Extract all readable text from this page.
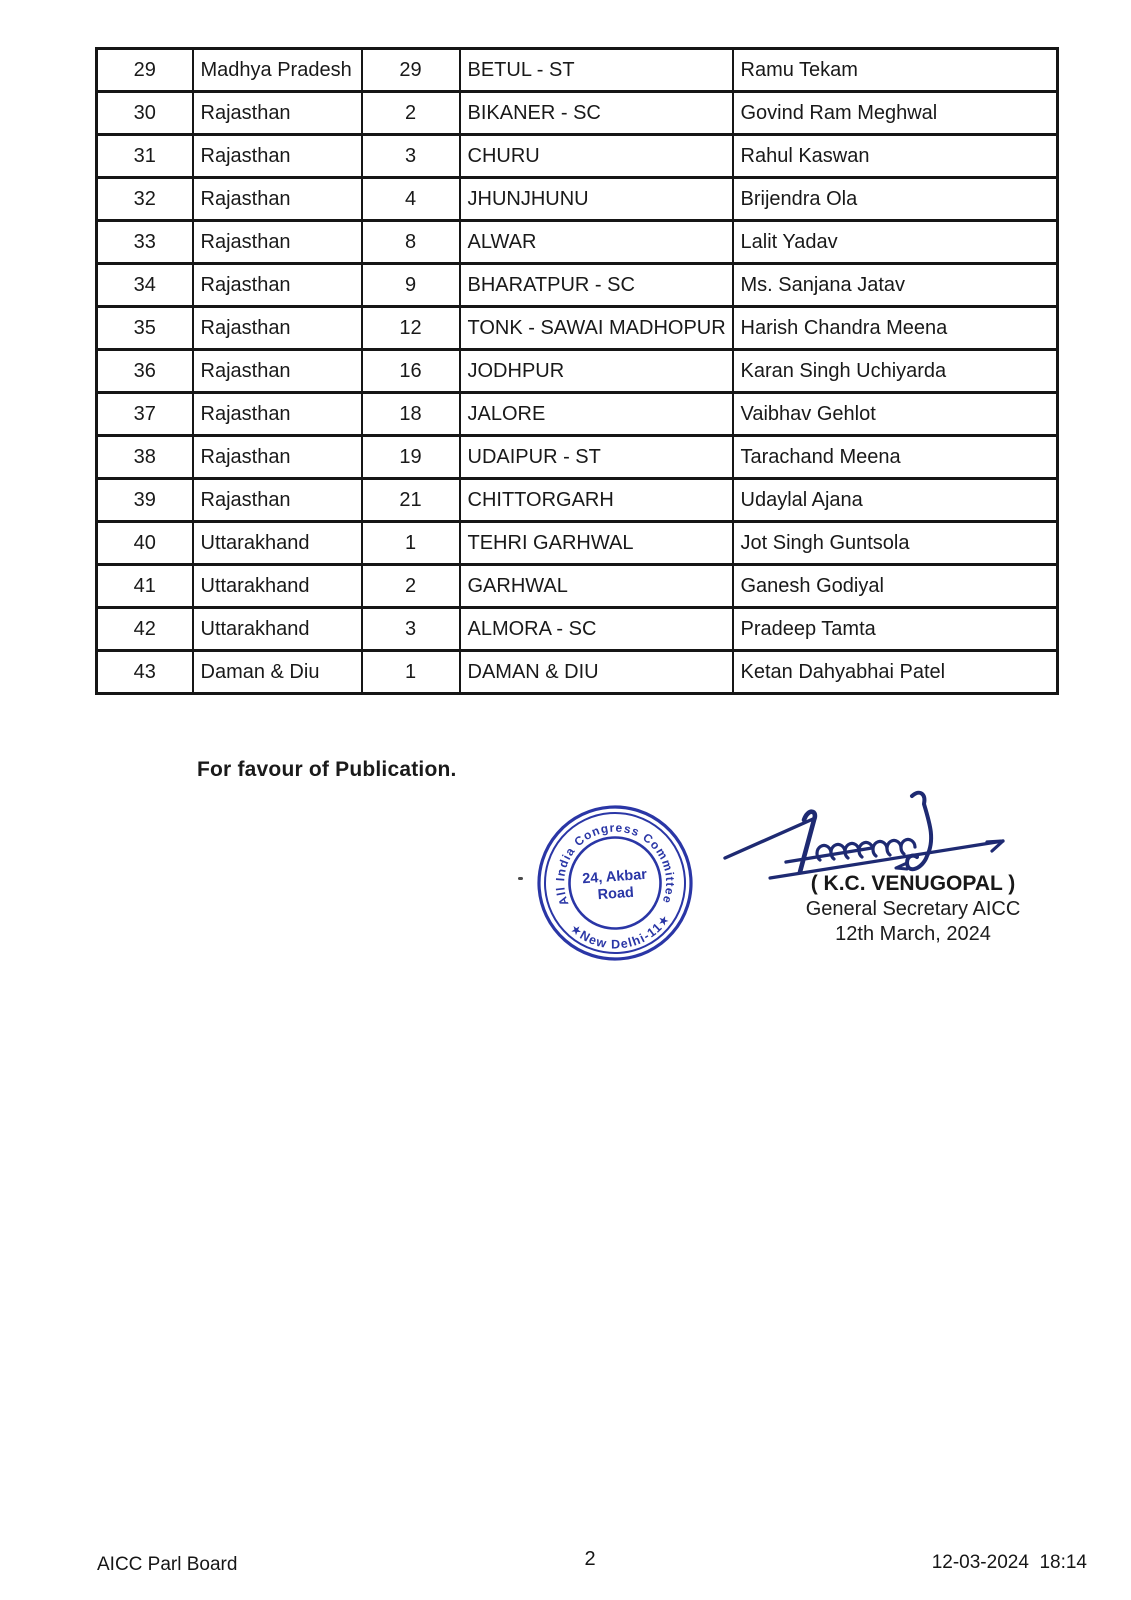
29	Madhya Pradesh	29	BETUL - ST	Ramu Tekam
30	Rajasthan	2	BIKANER - SC	Govind Ram Meghwal
31	Rajasthan	3	CHURU	Rahul Kaswan
32	Rajasthan	4	JHUNJHUNU	Brijendra Ola
33	Rajasthan	8	ALWAR	Lalit Yadav
34	Rajasthan	9	BHARATPUR - SC	Ms. Sanjana Jatav
35	Rajasthan	12	TONK - SAWAI MADHOPUR	Harish Chandra Meena
36	Rajasthan	16	JODHPUR	Karan Singh Uchiyarda
37	Rajasthan	18	JALORE	Vaibhav Gehlot
38	Rajasthan	19	UDAIPUR - ST	Tarachand Meena
39	Rajasthan	21	CHITTORGARH	Udaylal Ajana
40	Uttarakhand	1	TEHRI GARHWAL	Jot Singh Guntsola
41	Uttarakhand	2	GARHWAL	Ganesh Godiyal
42	Uttarakhand	3	ALMORA - SC	Pradeep Tamta
43	Daman & Diu	1	DAMAN & DIU	Ketan Dahyabhai Patel
For favour of Publication.
All India Congress Committee
★New Delhi-11★
24, Akbar
Road	( K.C. VENUGOPAL )
General Secretary AICC
12th March, 2024
AICC Parl Board	2	12-03-2024  18:14
